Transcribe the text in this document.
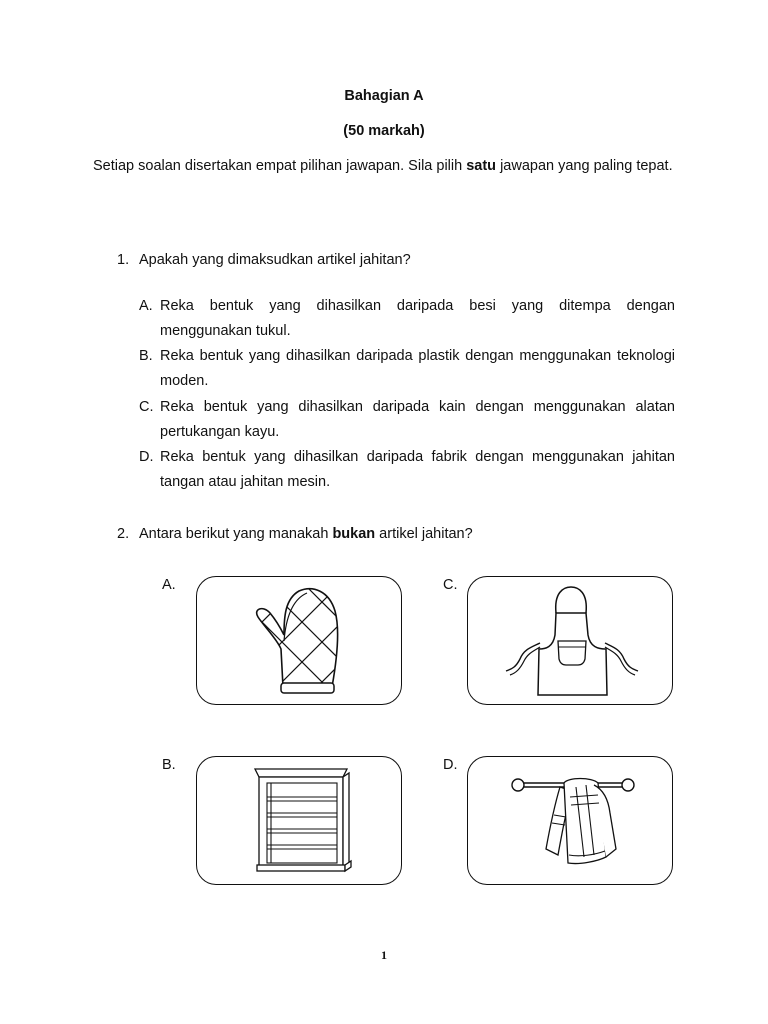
Bahagian A
(50 markah)
Setiap soalan disertakan empat pilihan jawapan. Sila pilih satu jawapan yang paling tepat.
1. Apakah yang dimaksudkan artikel jahitan?
A. Reka bentuk yang dihasilkan daripada besi yang ditempa dengan menggunakan tukul.
B. Reka bentuk yang dihasilkan daripada plastik dengan menggunakan teknologi moden.
C. Reka bentuk yang dihasilkan daripada kain dengan menggunakan alatan pertukangan kayu.
D. Reka bentuk yang dihasilkan daripada fabrik dengan menggunakan jahitan tangan atau jahitan mesin.
2. Antara berikut yang manakah bukan artikel jahitan?
A.	C.
B.	D.
1
